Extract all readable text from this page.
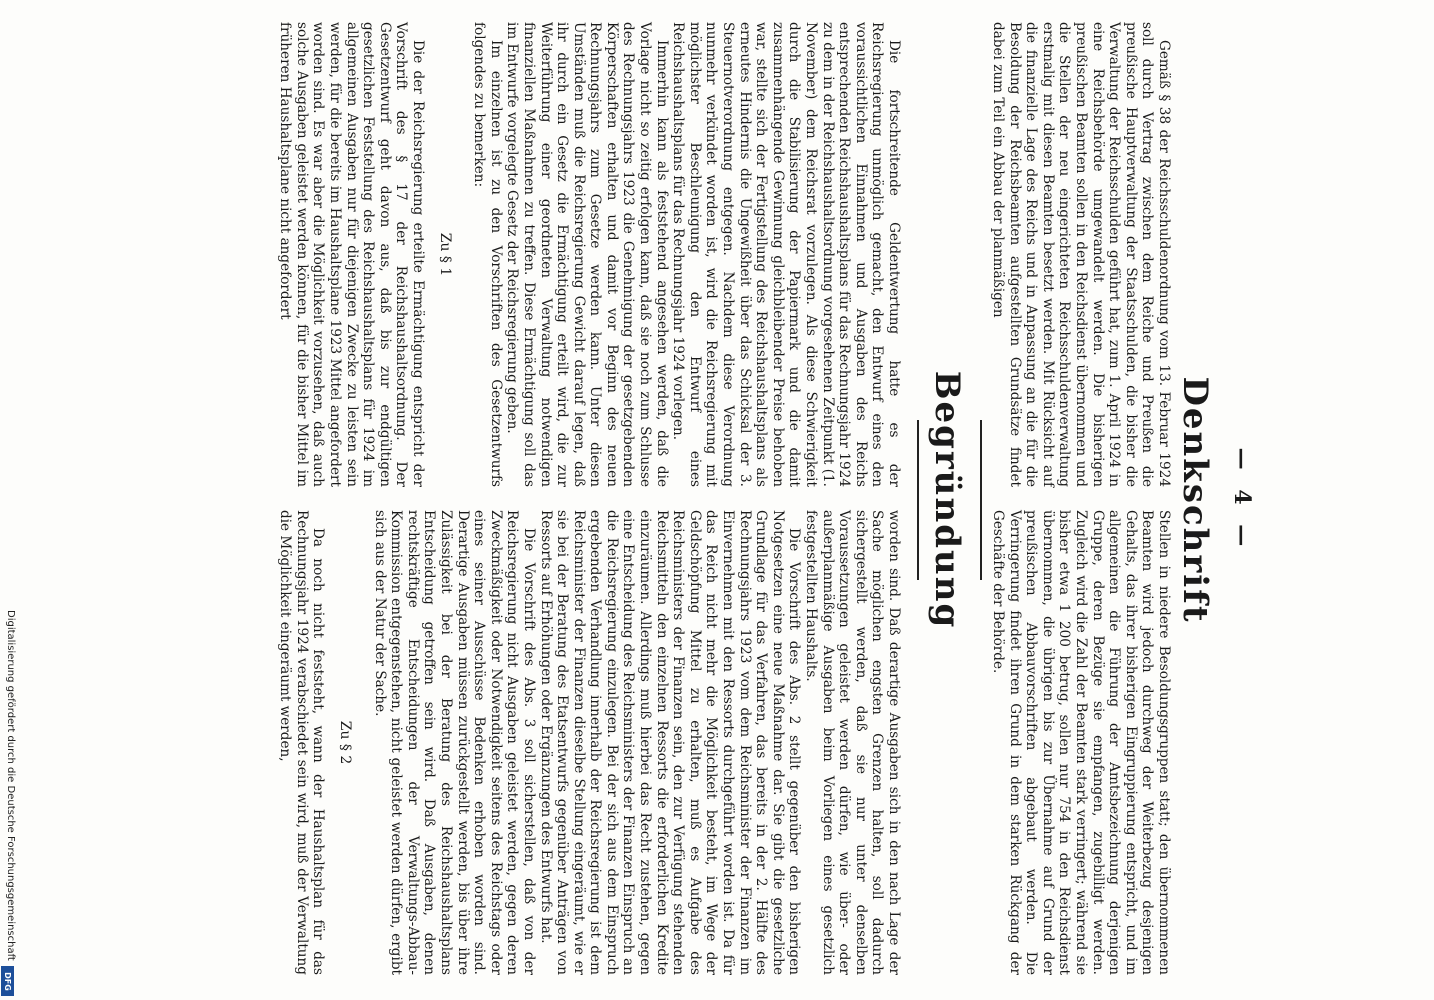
— 4 —
Denkschrift

Gemäß § 38 der Reichsschuldenordnung vom 13. Februar 1924 soll durch Vertrag zwischen dem Reiche und Preußen die preußische Hauptverwaltung der Staatsschulden, die bisher die Verwaltung der Reichsschulden geführt hat, zum 1. April 1924 in eine Reichsbehörde umgewandelt werden. Die bisherigen preußischen Beamten sollen in den Reichsdienst übernommen und die Stellen der neu eingerichteten Reichsschuldenverwaltung erstmalig mit diesen Beamten besetzt werden. Mit Rücksicht auf die finanzielle Lage des Reichs und in Anpassung an die für die Besoldung der Reichsbeamten aufgestellten Grundsätze findet dabei zum Teil ein Abbau der planmäßigen

Stellen in niedere Besoldungsgruppen statt; den übernommenen Beamten wird jedoch durchweg der Weiterbezug desjenigen Gehalts, das ihrer bisherigen Eingruppierung entspricht, und im allgemeinen die Führung der Amtsbezeichnung derjenigen Gruppe, deren Bezüge sie empfangen, zugebilligt werden. Zugleich wird die Zahl der Beamten stark verringert; während sie bisher etwa 1 200 betrug, sollen nur 754 in den Reichsdienst übernommen, die übrigen bis zur Übernahme auf Grund der preußischen Abbauvorschriften abgebaut werden. Die Verringerung findet ihren Grund in dem starken Rückgang der Geschäfte der Behörde.

Begründung

Die fortschreitende Geldentwertung hatte es der Reichsregierung unmöglich gemacht, den Entwurf eines den voraussichtlichen Einnahmen und Ausgaben des Reichs entsprechenden Reichshaushaltsplans für das Rechnungsjahr 1924 zu dem in der Reichshaushaltsordnung vorgesehenen Zeitpunkt (1. November) dem Reichsrat vorzulegen. Als diese Schwierigkeit durch die Stabilisierung der Papiermark und die damit zusammenhängende Gewinnung gleichbleibender Preise behoben war, stellte sich der Fertigstellung des Reichshaushaltsplans als erneutes Hindernis die Ungewißheit über das Schicksal der 3. Steuernotverordnung entgegen. Nachdem diese Verordnung nunmehr verkündet worden ist, wird die Reichsregierung mit möglichster Beschleunigung den Entwurf eines Reichshaushaltsplans für das Rechnungsjahr 1924 vorlegen.

Immerhin kann als feststehend angesehen werden, daß die Vorlage nicht so zeitig erfolgen kann, daß sie noch zum Schlusse des Rechnungsjahrs 1923 die Genehmigung der gesetzgebenden Körperschaften erhalten und damit vor Beginn des neuen Rechnungsjahrs zum Gesetze werden kann. Unter diesen Umständen muß die Reichsregierung Gewicht darauf legen, daß ihr durch ein Gesetz die Ermächtigung erteilt wird, die zur Weiterführung einer geordneten Verwaltung notwendigen finanziellen Maßnahmen zu treffen. Diese Ermächtigung soll das im Entwurfe vorgelegte Gesetz der Reichsregierung geben.

Im einzelnen ist zu den Vorschriften des Gesetzentwurfs folgendes zu bemerken:

Zu § 1

Die der Reichsregierung erteilte Ermächtigung entspricht der Vorschrift des § 17 der Reichshaushaltsordnung. Der Gesetzentwurf geht davon aus, daß bis zur endgültigen gesetzlichen Feststellung des Reichshaushaltsplans für 1924 im allgemeinen Ausgaben nur für diejenigen Zwecke zu leisten sein werden, für die bereits im Haushaltsplane 1923 Mittel angefordert worden sind. Es war aber die Möglichkeit vorzusehen, daß auch solche Ausgaben geleistet werden können, für die bisher Mittel im früheren Haushaltsplane nicht angefordert

worden sind. Daß derartige Ausgaben sich in den nach Lage der Sache möglichen engsten Grenzen halten, soll dadurch sichergestellt werden, daß sie nur unter denselben Voraussetzungen geleistet werden dürfen, wie über- oder außerplanmäßige Ausgaben beim Vorliegen eines gesetzlich festgestellten Haushalts.

Die Vorschrift des Abs. 2 stellt gegenüber den bisherigen Notgesetzen eine neue Maßnahme dar. Sie gibt die gesetzliche Grundlage für das Verfahren, das bereits in der 2. Hälfte des Rechnungsjahrs 1923 vom dem Reichsminister der Finanzen im Einvernehmen mit den Ressorts durchgeführt worden ist. Da für das Reich nicht mehr die Möglichkeit besteht, im Wege der Geldschöpfung Mittel zu erhalten, muß es Aufgabe des Reichsministers der Finanzen sein, den zur Verfügung stehenden Reichsmitteln den einzelnen Ressorts die erforderlichen Kredite einzuräumen. Allerdings muß hierbei das Recht zustehen, gegen eine Entscheidung des Reichsministers der Finanzen Einspruch an die Reichsregierung einzulegen. Bei der sich aus dem Einspruch ergebenden Verhandlung innerhalb der Reichsregierung ist dem Reichsminister der Finanzen dieselbe Stellung eingeräumt, wie er sie bei der Beratung des Etatsentwurfs gegenüber Anträgen von Ressorts auf Erhöhungen oder Ergänzungen des Entwurfs hat.

Die Vorschrift des Abs. 3 soll sicherstellen, daß von der Reichsregierung nicht Ausgaben geleistet werden, gegen deren Zweckmäßigkeit oder Notwendigkeit seitens des Reichstags oder eines seiner Ausschüsse Bedenken erhoben worden sind. Derartige Ausgaben müssen zurückgestellt werden, bis über ihre Zulässigkeit bei der Beratung des Reichshaushaltsplans Entscheidung getroffen sein wird. Daß Ausgaben, denen rechtskräftige Entscheidungen der Verwaltungs-Abbau-Kommission entgegenstehen, nicht geleistet werden dürfen, ergibt sich aus der Natur der Sache.

Zu § 2

Da noch nicht feststeht, wann der Haushaltsplan für das Rechnungsjahr 1924 verabschiedet sein wird, muß der Verwaltung die Möglichkeit eingeräumt werden,

Digitalisierung gefördert durch die Deutsche Forschungsgemeinschaft
DFG
